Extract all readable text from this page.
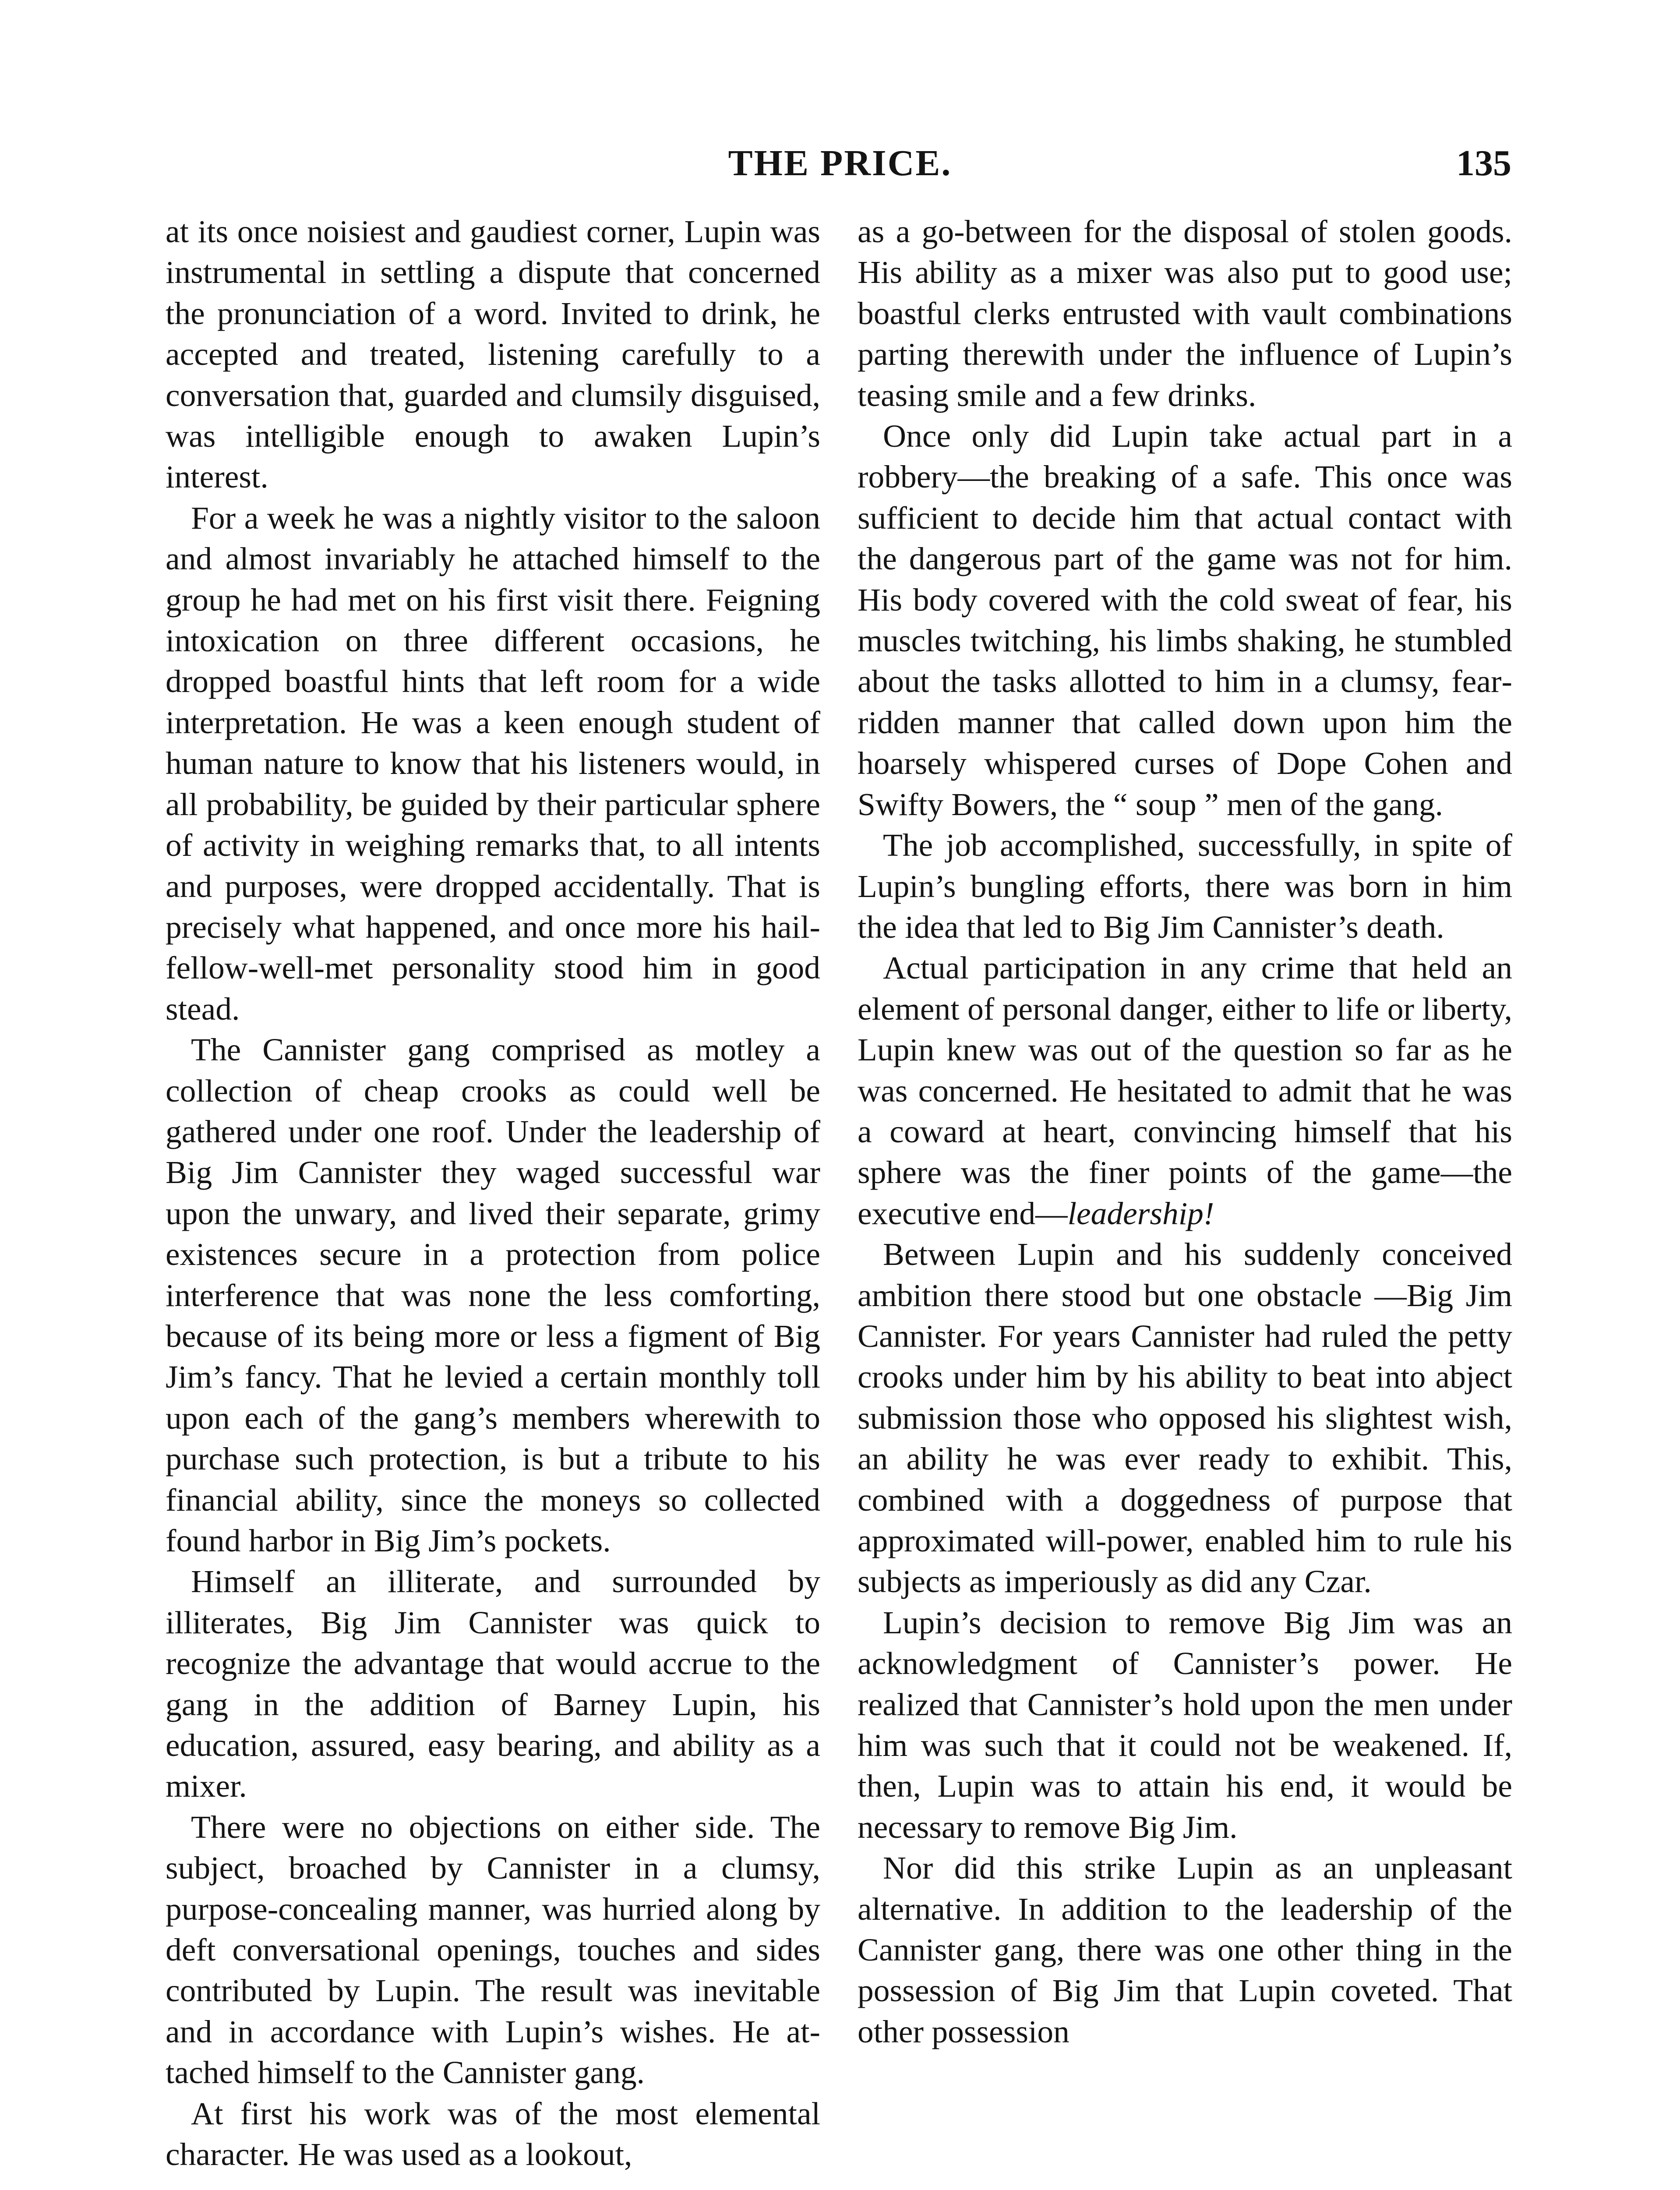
THE PRICE.	135

at its once noisiest and gaudiest corner, Lupin was instrumental in settling a dispute that concerned the pronunciation of a word. Invited to drink, he accepted and treated, listening carefully to a conversation that, guarded and clumsily disguised, was intelligible enough to awaken Lupin’s interest.

For a week he was a nightly visitor to the saloon and almost invariably he attached himself to the group he had met on his first visit there. Feigning intoxication on three different occasions, he dropped boastful hints that left room for a wide interpretation. He was a keen enough student of human nature to know that his listeners would, in all probability, be guided by their particular sphere of activity in weighing remarks that, to all intents and purposes, were dropped accidentally. That is precisely what happened, and once more his hail-fellow-well-met personality stood him in good stead.

The Cannister gang comprised as motley a collection of cheap crooks as could well be gathered under one roof. Under the leadership of Big Jim Cannister they waged successful war upon the unwary, and lived their separate, grimy existences secure in a protection from police interference that was none the less comforting, because of its being more or less a figment of Big Jim’s fancy. That he levied a certain monthly toll upon each of the gang’s members wherewith to purchase such protection, is but a tribute to his financial ability, since the moneys so collected found harbor in Big Jim’s pockets.

Himself an illiterate, and surrounded by illiterates, Big Jim Cannister was quick to recognize the advantage that would accrue to the gang in the addition of Barney Lupin, his education, assured, easy bearing, and ability as a mixer.

There were no objections on either side. The subject, broached by Cannister in a clumsy, purpose-concealing manner, was hurried along by deft conversational openings, touches and sides contributed by Lupin. The result was inevitable and in accordance with Lupin’s wishes. He attached himself to the Cannister gang.

At first his work was of the most elemental character. He was used as a lookout,

as a go-between for the disposal of stolen goods. His ability as a mixer was also put to good use; boastful clerks entrusted with vault combinations parting therewith under the influence of Lupin’s teasing smile and a few drinks.

Once only did Lupin take actual part in a robbery—the breaking of a safe. This once was sufficient to decide him that actual contact with the dangerous part of the game was not for him. His body covered with the cold sweat of fear, his muscles twitching, his limbs shaking, he stumbled about the tasks allotted to him in a clumsy, fearridden manner that called down upon him the hoarsely whispered curses of Dope Cohen and Swifty Bowers, the “ soup ” men of the gang.

The job accomplished, successfully, in spite of Lupin’s bungling efforts, there was born in him the idea that led to Big Jim Cannister’s death.

Actual participation in any crime that held an element of personal danger, either to life or liberty, Lupin knew was out of the question so far as he was concerned. He hesitated to admit that he was a coward at heart, convincing himself that his sphere was the finer points of the game—the executive end—leadership!

Between Lupin and his suddenly conceived ambition there stood but one obstacle —Big Jim Cannister. For years Cannister had ruled the petty crooks under him by his ability to beat into abject submission those who opposed his slightest wish, an ability he was ever ready to exhibit. This, combined with a doggedness of purpose that approximated will-power, enabled him to rule his subjects as imperiously as did any Czar.

Lupin’s decision to remove Big Jim was an acknowledgment of Cannister’s power. He realized that Cannister’s hold upon the men under him was such that it could not be weakened. If, then, Lupin was to attain his end, it would be necessary to remove Big Jim.

Nor did this strike Lupin as an unpleasant alternative. In addition to the leadership of the Cannister gang, there was one other thing in the possession of Big Jim that Lupin coveted. That other possession
